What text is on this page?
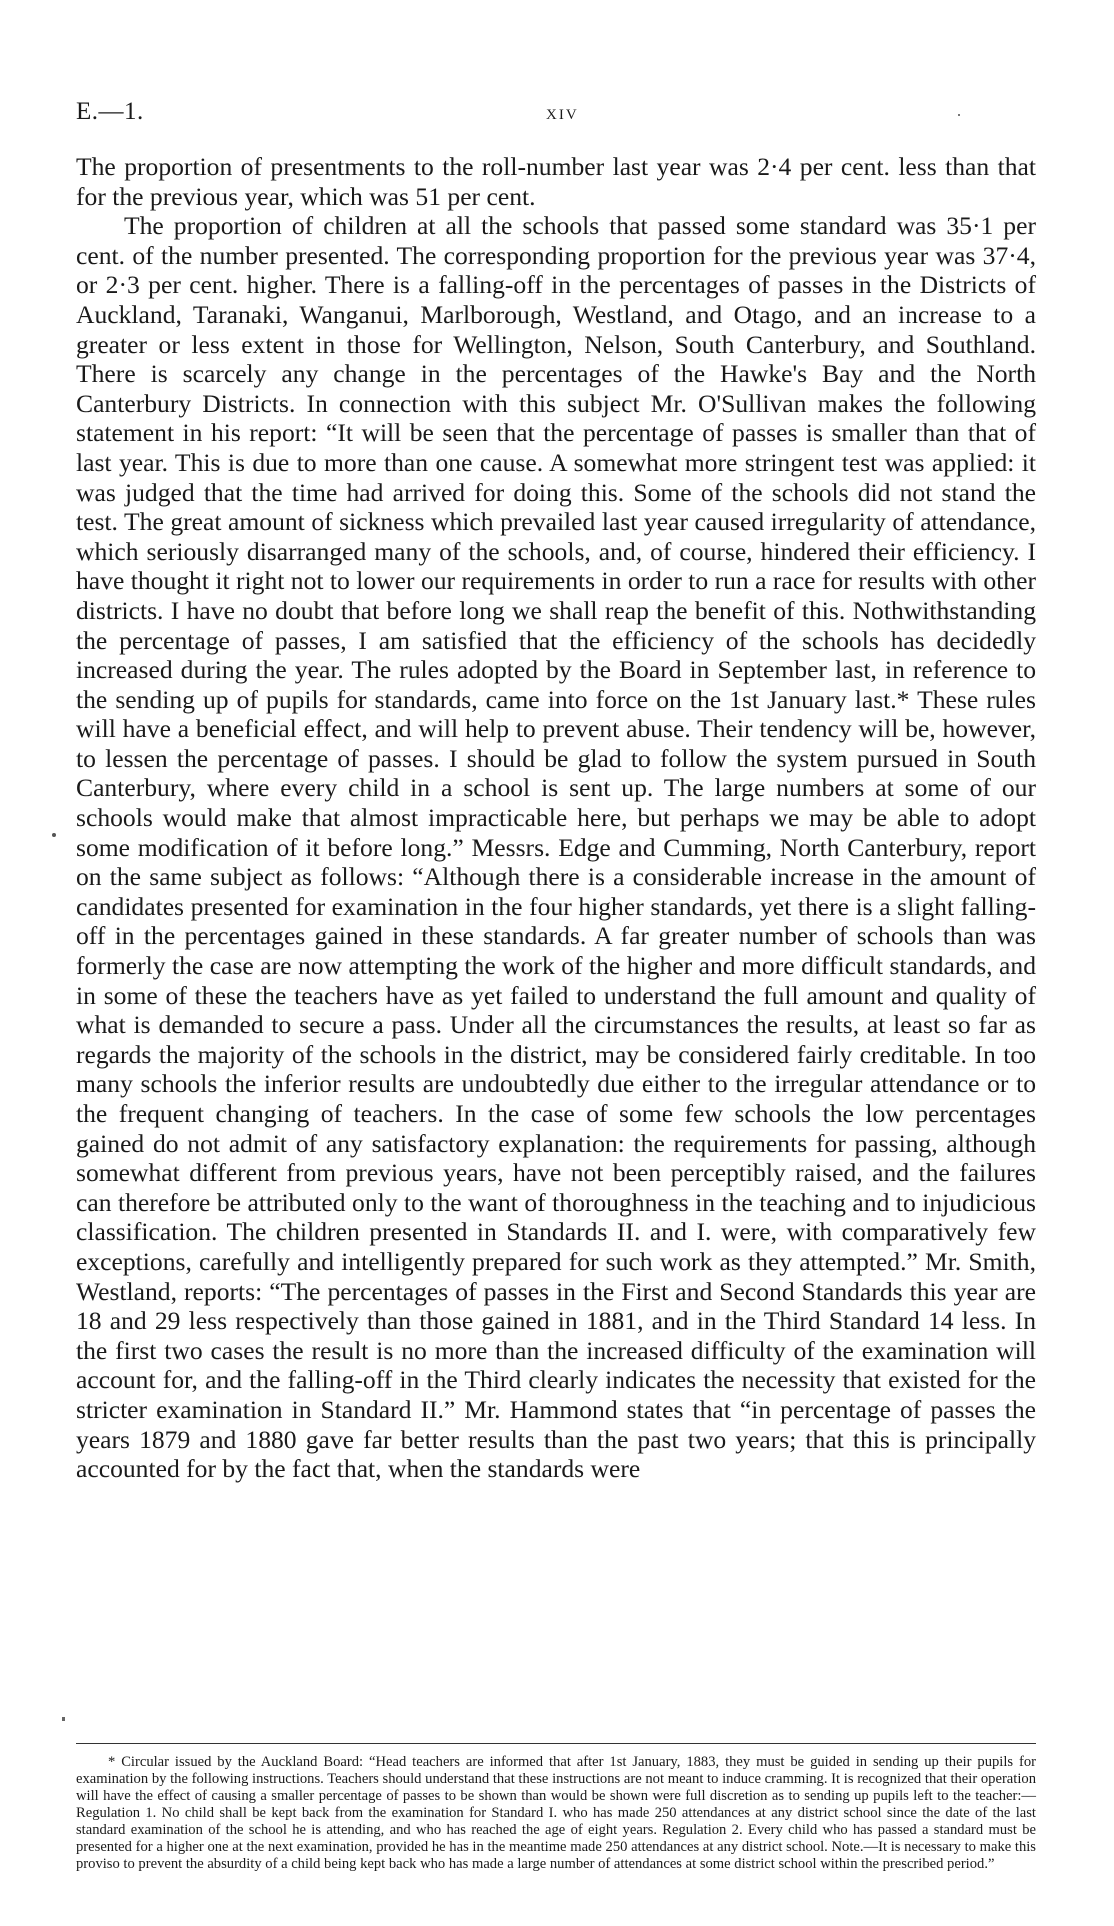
E.—1.	xiv

The proportion of presentments to the roll-number last year was 2·4 per cent. less than that for the previous year, which was 51 per cent.

The proportion of children at all the schools that passed some standard was 35·1 per cent. of the number presented. The corresponding proportion for the previous year was 37·4, or 2·3 per cent. higher. There is a falling-off in the percentages of passes in the Districts of Auckland, Taranaki, Wanganui, Marlborough, Westland, and Otago, and an increase to a greater or less extent in those for Wellington, Nelson, South Canterbury, and Southland. There is scarcely any change in the percentages of the Hawke's Bay and the North Canterbury Districts. In connection with this subject Mr. O'Sullivan makes the following statement in his report: “It will be seen that the percentage of passes is smaller than that of last year. This is due to more than one cause. A somewhat more stringent test was applied: it was judged that the time had arrived for doing this. Some of the schools did not stand the test. The great amount of sickness which prevailed last year caused irregularity of attendance, which seriously disarranged many of the schools, and, of course, hindered their efficiency. I have thought it right not to lower our requirements in order to run a race for results with other districts. I have no doubt that before long we shall reap the benefit of this. Nothwithstanding the percentage of passes, I am satisfied that the efficiency of the schools has decidedly increased during the year. The rules adopted by the Board in September last, in reference to the sending up of pupils for standards, came into force on the 1st January last.* These rules will have a beneficial effect, and will help to prevent abuse. Their tendency will be, however, to lessen the percentage of passes. I should be glad to follow the system pursued in South Canterbury, where every child in a school is sent up. The large numbers at some of our schools would make that almost impracticable here, but perhaps we may be able to adopt some modification of it before long.” Messrs. Edge and Cumming, North Canterbury, report on the same subject as follows: “Although there is a considerable increase in the amount of candidates presented for examination in the four higher standards, yet there is a slight falling-off in the percentages gained in these standards. A far greater number of schools than was formerly the case are now attempting the work of the higher and more difficult standards, and in some of these the teachers have as yet failed to understand the full amount and quality of what is demanded to secure a pass. Under all the circumstances the results, at least so far as regards the majority of the schools in the district, may be considered fairly creditable. In too many schools the inferior results are undoubtedly due either to the irregular attendance or to the frequent changing of teachers. In the case of some few schools the low percentages gained do not admit of any satisfactory explanation: the requirements for passing, although somewhat different from previous years, have not been perceptibly raised, and the failures can therefore be attributed only to the want of thoroughness in the teaching and to injudicious classification. The children presented in Standards II. and I. were, with comparatively few exceptions, carefully and intelligently prepared for such work as they attempted.” Mr. Smith, Westland, reports: “The percentages of passes in the First and Second Standards this year are 18 and 29 less respectively than those gained in 1881, and in the Third Standard 14 less. In the first two cases the result is no more than the increased difficulty of the examination will account for, and the falling-off in the Third clearly indicates the necessity that existed for the stricter examination in Standard II.” Mr. Hammond states that “in percentage of passes the years 1879 and 1880 gave far better results than the past two years; that this is principally accounted for by the fact that, when the standards were

* Circular issued by the Auckland Board: “Head teachers are informed that after 1st January, 1883, they must be guided in sending up their pupils for examination by the following instructions. Teachers should understand that these instructions are not meant to induce cramming. It is recognized that their operation will have the effect of causing a smaller percentage of passes to be shown than would be shown were full discretion as to sending up pupils left to the teacher:—Regulation 1. No child shall be kept back from the examination for Standard I. who has made 250 attendances at any district school since the date of the last standard examination of the school he is attending, and who has reached the age of eight years. Regulation 2. Every child who has passed a standard must be presented for a higher one at the next examination, provided he has in the meantime made 250 attendances at any district school. Note.—It is necessary to make this proviso to prevent the absurdity of a child being kept back who has made a large number of attendances at some district school within the prescribed period.”
